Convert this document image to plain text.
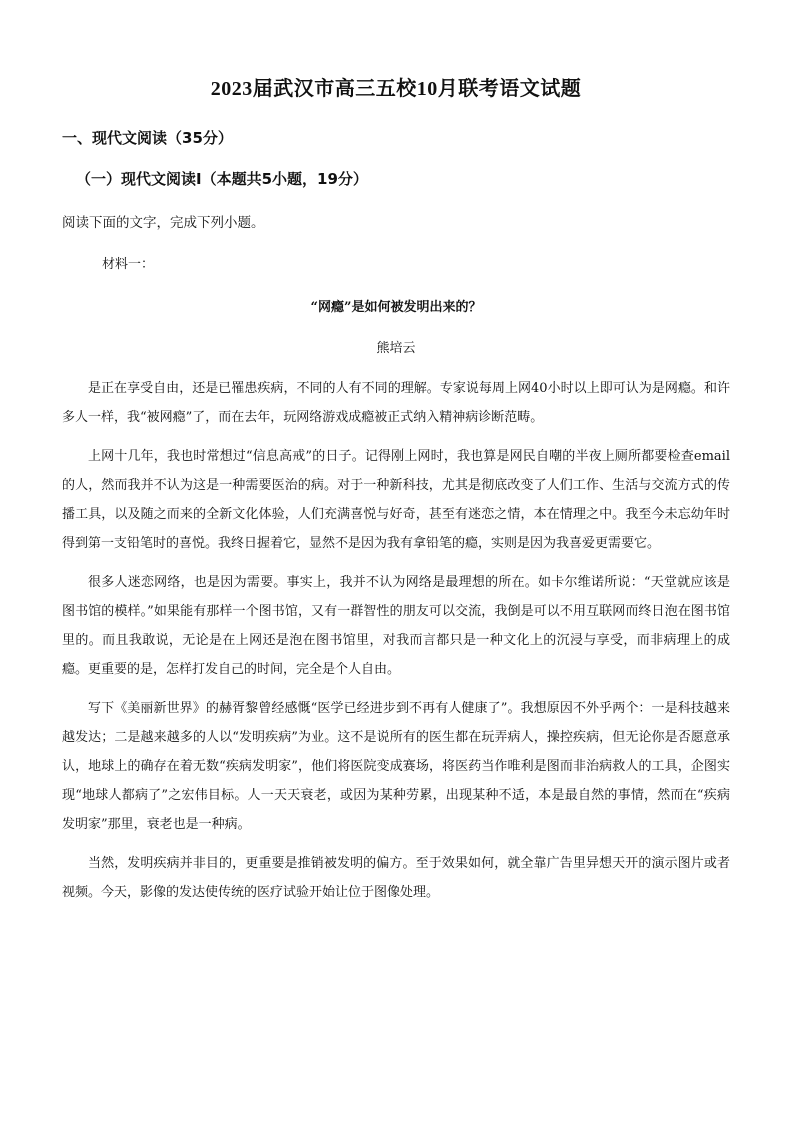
2023届武汉市高三五校10月联考语文试题
一、现代文阅读（35分）
（一）现代文阅读Ⅰ（本题共5小题，19分）
阅读下面的文字，完成下列小题。
材料一：
“网瘾”是如何被发明出来的？
熊培云

是正在享受自由，还是已罹患疾病，不同的人有不同的理解。专家说每周上网40小时以上即可认为是网瘾。和许多人一样，我“被网瘾”了，而在去年，玩网络游戏成瘾被正式纳入精神病诊断范畴。

上网十几年，我也时常想过“信息高戒”的日子。记得刚上网时，我也算是网民自嘲的半夜上厕所都要检查email的人，然而我并不认为这是一种需要医治的病。对于一种新科技，尤其是彻底改变了人们工作、生活与交流方式的传播工具，以及随之而来的全新文化体验，人们充满喜悦与好奇，甚至有迷恋之情，本在情理之中。我至今未忘幼年时得到第一支铅笔时的喜悦。我终日握着它，显然不是因为我有拿铅笔的瘾，实则是因为我喜爱更需要它。

很多人迷恋网络，也是因为需要。事实上，我并不认为网络是最理想的所在。如卡尔维诺所说：“天堂就应该是图书馆的模样。”如果能有那样一个图书馆，又有一群智性的朋友可以交流，我倒是可以不用互联网而终日泡在图书馆里的。而且我敢说，无论是在上网还是泡在图书馆里，对我而言都只是一种文化上的沉浸与享受，而非病理上的成瘾。更重要的是，怎样打发自己的时间，完全是个人自由。

写下《美丽新世界》的赫胥黎曾经感慨“医学已经进步到不再有人健康了”。我想原因不外乎两个：一是科技越来越发达；二是越来越多的人以“发明疾病”为业。这不是说所有的医生都在玩弄病人，操控疾病，但无论你是否愿意承认，地球上的确存在着无数“疾病发明家”，他们将医院变成赛场，将医药当作唯利是图而非治病救人的工具，企图实现“地球人都病了”之宏伟目标。人一天天衰老，或因为某种劳累，出现某种不适，本是最自然的事情，然而在“疾病发明家”那里，衰老也是一种病。

当然，发明疾病并非目的，更重要是推销被发明的偏方。至于效果如何，就全靠广告里异想天开的演示图片或者视频。今天，影像的发达使传统的医疗试验开始让位于图像处理。
